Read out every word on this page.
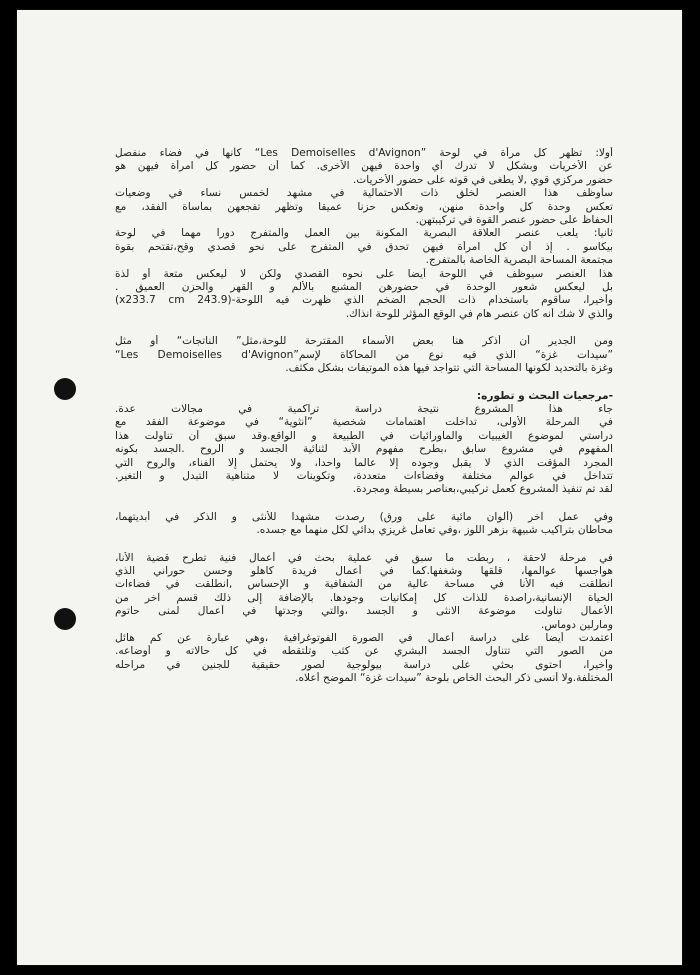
أولا: تظهر كل مرأة في لوحة ”Les Demoiselles d'Avignon“ كأنها في فضاء منفصل
عن الأخريات وبشكل لا تدرك أي واحدة فيهن الأخرى. كما أن حضور كل امرأة فيهن هو
حضور مركزي قوي ,لا يطغى في قوته على حضور الأخريات.
سأوظف هذا العنصر لخلق ذات الاحتمالية في مشهد لخمس نساء في وضعيات
تعكس وحدة كل واحدة منهن، وتعكس حزنا عميقا وتظهر تفجعهن بمأساة الفقد، مع
الحفاظ على حضور عنصر القوة في تركيبتهن.
ثانيا: يلعب عنصر العلاقة البصرية المكونة بين العمل والمتفرج دورا مهما في لوحة
بيكاسو . إذ أن كل امرأة فيهن تحدق في المتفرج على نحو قصدي وقح،تقتحم بقوة
مجتمعة المساحة البصرية الخاصة بالمتفرج.
هذا العنصر سيوظف في اللوحة أيضا على نحوه القصدي ولكن لا ليعكس متعة أو لذة
بل ليعكس شعور الوحدة في حضورهن المشبع بالألم و القهر والحزن العميق .
وأخيرا، سأقوم باستخدام ذات الحجم الضخم الذي ظهرت فيه اللوحة-(243.9 x233.7 cm)
والذي لا شك أنه كان عنصر هام في الوقع المؤثر للوحة آنذاك.
ومن الجدير أن أذكر هنا بعض الأسماء المقترحة للوحة،مثل” الناتجات“ أو مثل
”سيدات غزة“ الذي فيه نوع من المحاكاة لإسم”Les Demoiselles d'Avignon“
وغزة بالتحديد لكونها المساحة التي تتواجد فيها هذه الموتيفات بشكل مكثف.
-مرجعيات البحث و تطوره:
جاء هذا المشروع نتيجة دراسة تراكمية في مجالات عدة.
في المرحلة الأولى، تداخلت اهتمامات شخصية ”أنثوية“ في موضوعة الفقد مع
دراستي لموضوع الغيبيات والماورائيات في الطبيعة و الواقع.وقد سبق أن تناولت هذا
المفهوم في مشروع سابق ،بطرح مفهوم الأبد لثنائية الجسد و الروح .الجسد بكونه
المجرد المؤقت الذي لا يقبل وجوده إلا عالماً واحداً، ولا يحتمل إلا الفناء، والروح التي
تتداخل في عوالم مختلفة وفضاءات متعددة، وتكوينات لا متناهية التبدل و التغير.
لقد تم تنفيذ المشروع كعمل تركيبي،بعناصر بسيطة ومجردة.
وفي عمل آخر (ألوان مائية على ورق) رصدت مشهدا للأنثى و الذكر في أبديتهما،
محاطان بتراكيب شبيهة بزهر اللوز ،وفي تعامل غريزي بدائي لكل منهما مع جسده.
في مرحلة لاحقة ، ربطت ما سبق في عملية بحث في أعمال فنية تطرح قضية الأنا،
هواجسها عوالمها، قلقها وشغفها.كما في أعمال فريدة كاهلو وحسن حوراني الذي
انطلقت فيه الأنا في مساحة عالية من الشفافية و الإحساس ,انطلقت في فضاءات
الحياة الإنسانية،راصدة للذات كل إمكانيات وجودها. بالإضافة إلى ذلك قسم آخر من
الأعمال تناولت موضوعة الانثى و الجسد ،والتي وجدتها في أعمال لمنى حاتوم
ومارلين دوماس.
اعتمدت أيضا على دراسة أعمال في الصورة الفوتوغرافية ،وهي عبارة عن كم هائل
من الصور التي تتناول الجسد البشري عن كثب وتلتقطه في كل حالاته و أوضاعه.
وأخيرا، احتوى بحثي على دراسة بيولوجية لصور حقيقية للجنين في مراحله
المختلفة.ولا أنسى ذكر البحث الخاص بلوحة ”سيدات غزة“ الموضح أعلاه.
